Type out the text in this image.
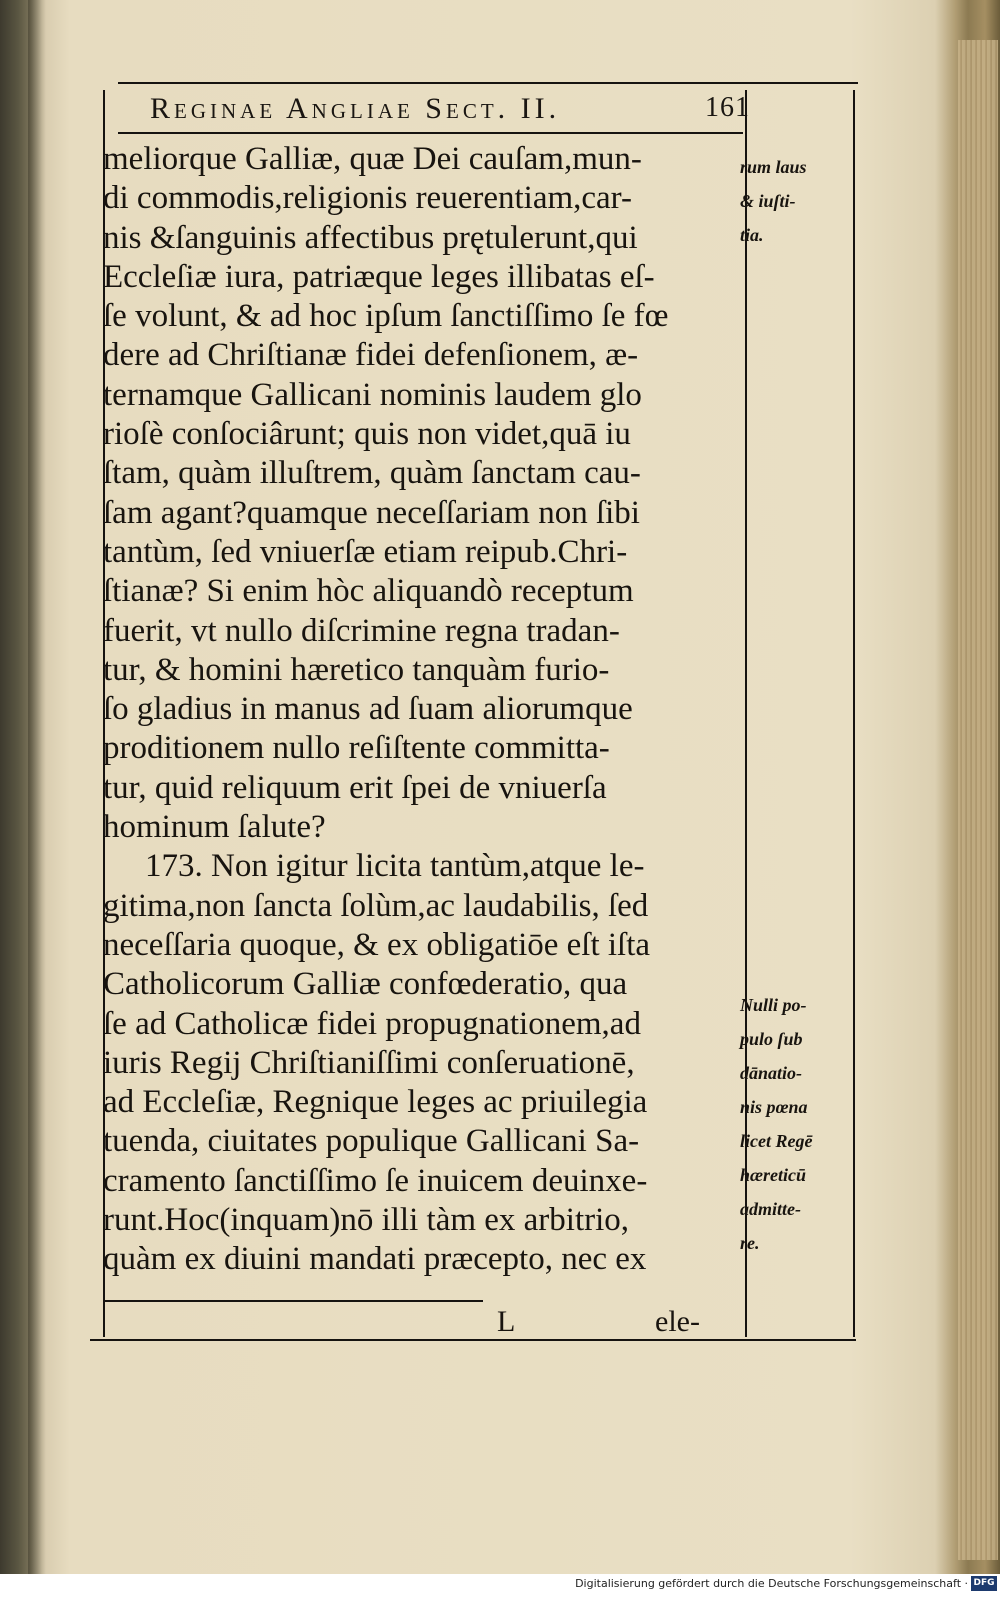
Reginae Angliae Sect. II.	161
meliorque Galliæ, quæ Dei cauſam,mun-
di commodis,religionis reuerentiam,car-
nis &ſanguinis affectibus prętulerunt,qui
Eccleſiæ iura, patriæque leges illibatas eſ-
ſe volunt, & ad hoc ipſum ſanctiſſimo ſe fœ
dere ad Chriſtianæ fidei defenſionem, æ-
ternamque Gallicani nominis laudem glo
rioſè conſociârunt; quis non videt,quā iu
ſtam, quàm illuſtrem, quàm ſanctam cau-
ſam agant?quamque neceſſariam non ſibi
tantùm, ſed vniuerſæ etiam reipub.Chri-
ſtianæ? Si enim hòc aliquandò receptum
fuerit, vt nullo diſcrimine regna tradan-
tur, & homini hæretico tanquàm furio-
ſo gladius in manus ad ſuam aliorumque
proditionem nullo reſiſtente committa-
tur, quid reliquum erit ſpei de vniuerſa
hominum ſalute?
173. Non igitur licita tantùm,atque le-
gitima,non ſancta ſolùm,ac laudabilis, ſed
neceſſaria quoque, & ex obligatiōe eſt iſta
Catholicorum Galliæ confœderatio, qua
ſe ad Catholicæ fidei propugnationem,ad
iuris Regij Chriſtianiſſimi conſeruationē,
ad Eccleſiæ, Regnique leges ac priuilegia
tuenda, ciuitates populique Gallicani Sa-
cramento ſanctiſſimo ſe inuicem deuinxe-
runt.Hoc(inquam)nō illi tàm ex arbitrio,
quàm ex diuini mandati præcepto, nec ex
rum laus
& iuſti-
tia.
Nulli po-
pulo ſub
dānatio-
nis pœna
licet Regē
hæreticū
admitte-
re.
L	ele-
Digitalisierung gefördert durch die Deutsche Forschungsgemeinschaft · DFG
